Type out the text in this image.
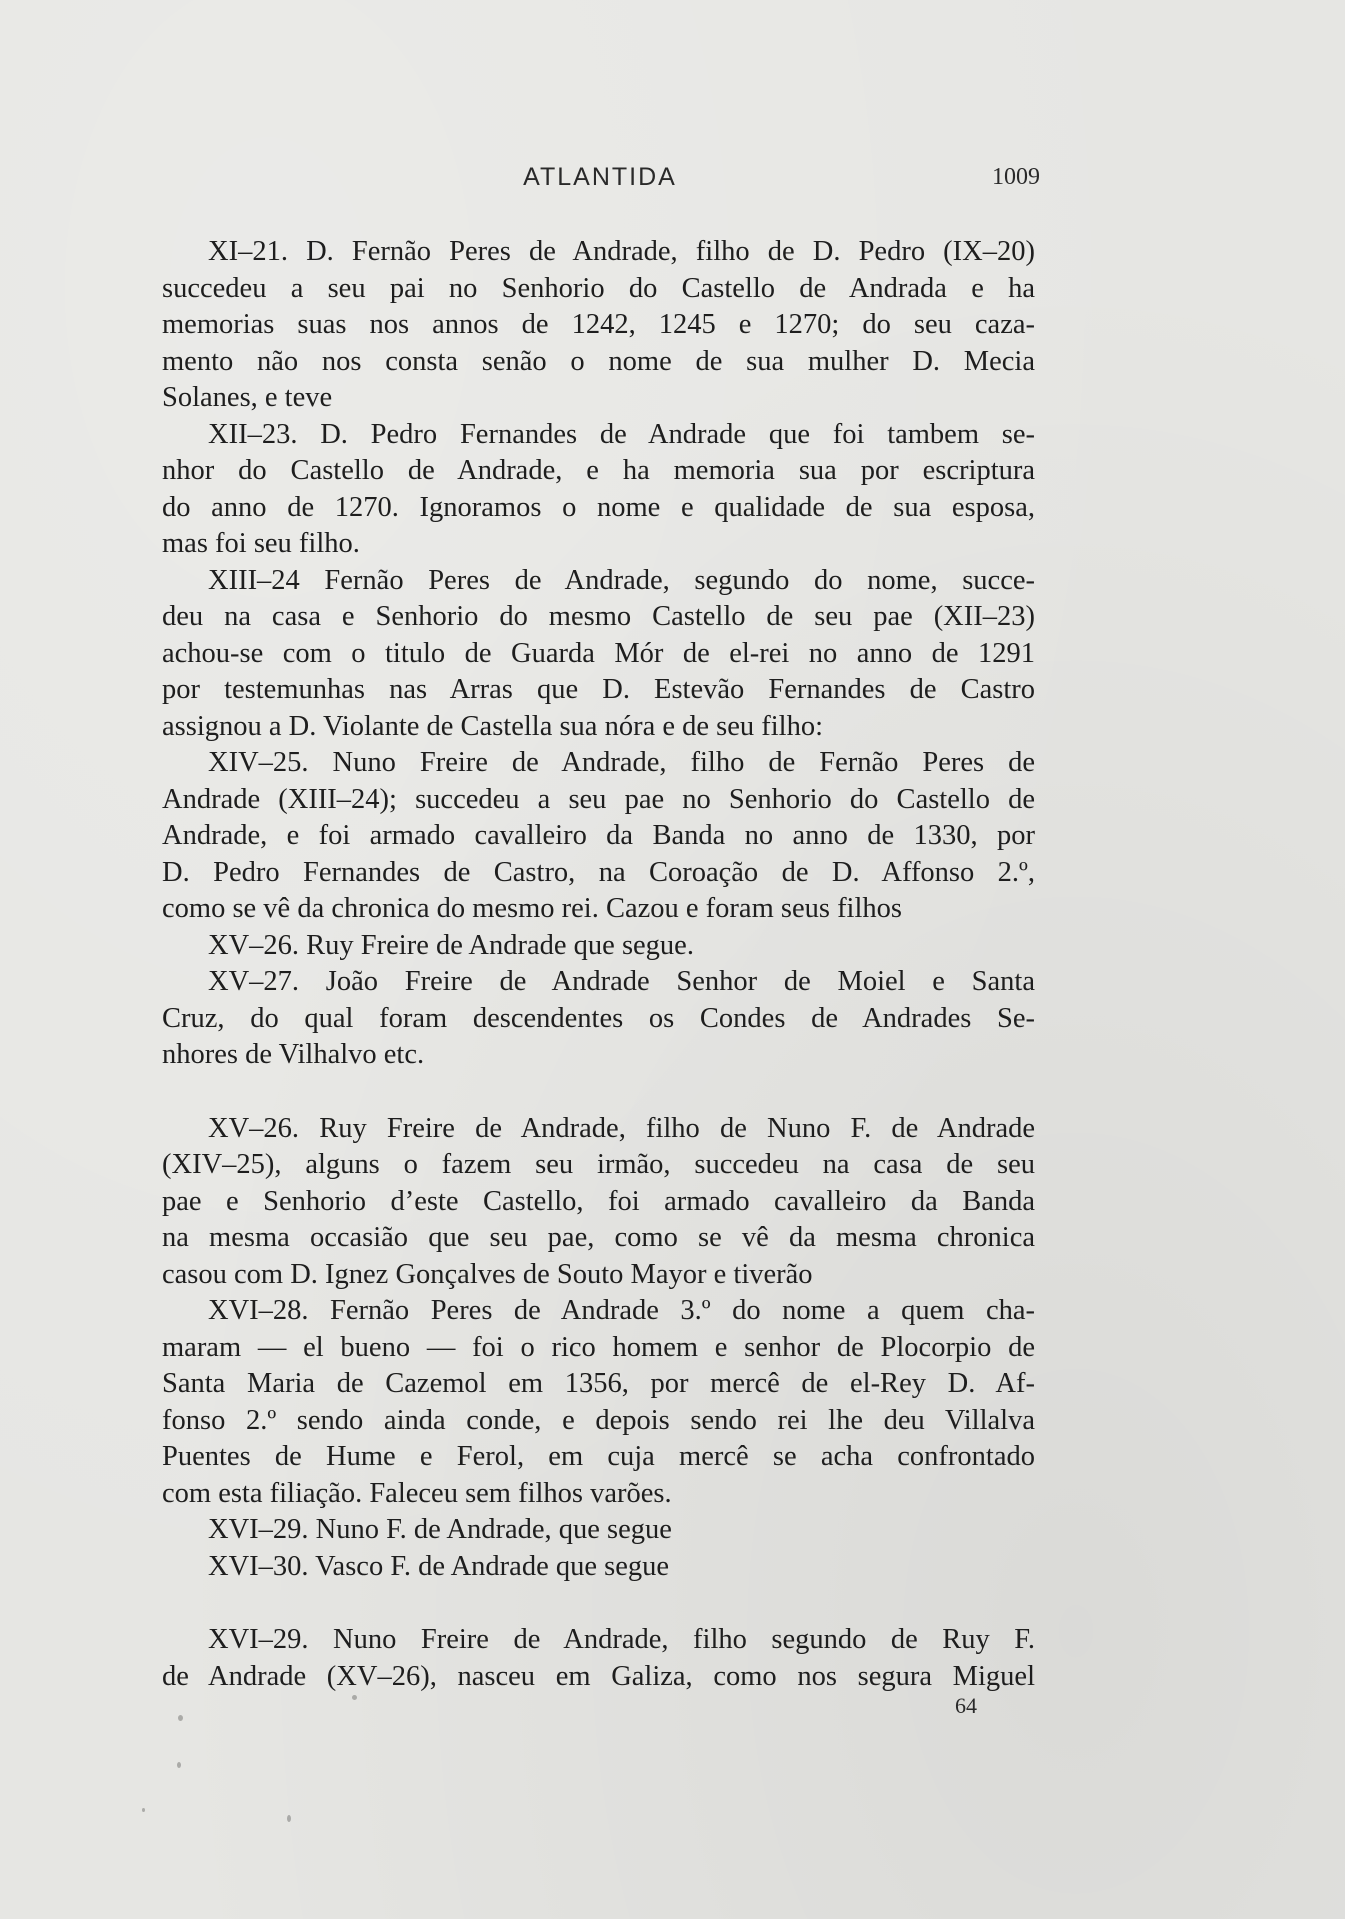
ATLANTIDA	1009
XI–21. D. Fernão Peres de Andrade, filho de D. Pedro (IX–20)
succedeu a seu pai no Senhorio do Castello de Andrada e ha
memorias suas nos annos de 1242, 1245 e 1270; do seu caza-
mento não nos consta senão o nome de sua mulher D. Mecia
Solanes, e teve
XII–23. D. Pedro Fernandes de Andrade que foi tambem se-
nhor do Castello de Andrade, e ha memoria sua por escriptura
do anno de 1270. Ignoramos o nome e qualidade de sua esposa,
mas foi seu filho.
XIII–24 Fernão Peres de Andrade, segundo do nome, succe-
deu na casa e Senhorio do mesmo Castello de seu pae (XII–23)
achou-se com o titulo de Guarda Mór de el-rei no anno de 1291
por testemunhas nas Arras que D. Estevão Fernandes de Castro
assignou a D. Violante de Castella sua nóra e de seu filho:
XIV–25. Nuno Freire de Andrade, filho de Fernão Peres de
Andrade (XIII–24); succedeu a seu pae no Senhorio do Castello de
Andrade, e foi armado cavalleiro da Banda no anno de 1330, por
D. Pedro Fernandes de Castro, na Coroação de D. Affonso 2.º,
como se vê da chronica do mesmo rei. Cazou e foram seus filhos
XV–26. Ruy Freire de Andrade que segue.
XV–27. João Freire de Andrade Senhor de Moiel e Santa
Cruz, do qual foram descendentes os Condes de Andrades Se-
nhores de Vilhalvo etc.
XV–26. Ruy Freire de Andrade, filho de Nuno F. de Andrade
(XIV–25), alguns o fazem seu irmão, succedeu na casa de seu
pae e Senhorio d’este Castello, foi armado cavalleiro da Banda
na mesma occasião que seu pae, como se vê da mesma chronica
casou com D. Ignez Gonçalves de Souto Mayor e tiverão
XVI–28. Fernão Peres de Andrade 3.º do nome a quem cha-
maram — el bueno — foi o rico homem e senhor de Plocorpio de
Santa Maria de Cazemol em 1356, por mercê de el-Rey D. Af-
fonso 2.º sendo ainda conde, e depois sendo rei lhe deu Villalva
Puentes de Hume e Ferol, em cuja mercê se acha confrontado
com esta filiação. Faleceu sem filhos varões.
XVI–29. Nuno F. de Andrade, que segue
XVI–30. Vasco F. de Andrade que segue
XVI–29. Nuno Freire de Andrade, filho segundo de Ruy F.
de Andrade (XV–26), nasceu em Galiza, como nos segura Miguel
64
